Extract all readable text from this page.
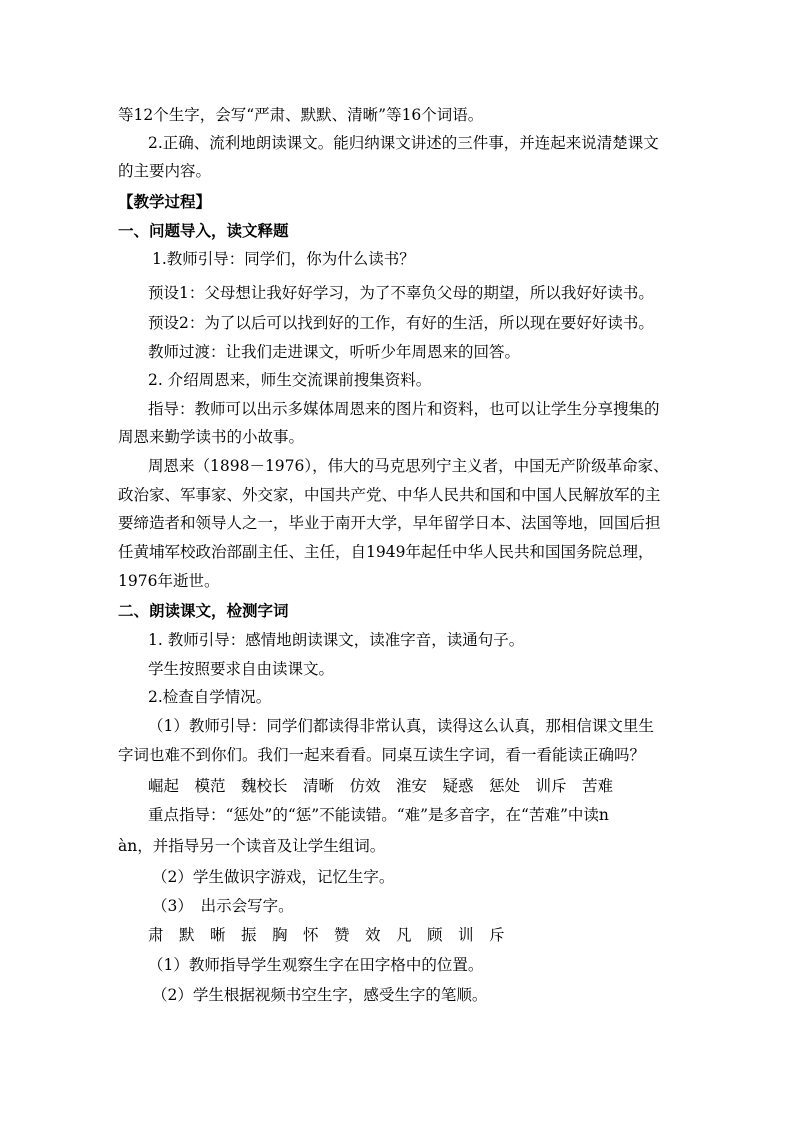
等12个生字，会写“严肃、默默、清晰”等16个词语。
2.正确、流利地朗读课文。能归纳课文讲述的三件事，并连起来说清楚课文
的主要内容。
【教学过程】
一、问题导入，读文释题
1.教师引导：同学们，你为什么读书？
预设1：父母想让我好好学习，为了不辜负父母的期望，所以我好好读书。
预设2：为了以后可以找到好的工作，有好的生活，所以现在要好好读书。
教师过渡：让我们走进课文，听听少年周恩来的回答。
2. 介绍周恩来，师生交流课前搜集资料。
指导：教师可以出示多媒体周恩来的图片和资料，也可以让学生分享搜集的
周恩来勤学读书的小故事。
周恩来（1898－1976），伟大的马克思列宁主义者，中国无产阶级革命家、
政治家、军事家、外交家，中国共产党、中华人民共和国和中国人民解放军的主
要缔造者和领导人之一，毕业于南开大学，早年留学日本、法国等地，回国后担
任黄埔军校政治部副主任、主任，自1949年起任中华人民共和国国务院总理，
1976年逝世。
二、朗读课文，检测字词
1. 教师引导：感情地朗读课文，读准字音，读通句子。
学生按照要求自由读课文。
2.检查自学情况。
（1）教师引导：同学们都读得非常认真，读得这么认真，那相信课文里生
字词也难不到你们。我们一起来看看。同桌互读生字词，看一看能读正确吗？
崛起　模范　魏校长　清晰　仿效　淮安　疑惑　惩处　训斥　苦难
重点指导：“惩处”的“惩”不能读错。“难”是多音字，在“苦难”中读n
àn，并指导另一个读音及让学生组词。
（2）学生做识字游戏，记忆生字。
（3）　出示会写字。
肃　默　晰　振　胸　怀　赞　效　凡　顾　训　斥
（1）教师指导学生观察生字在田字格中的位置。
（2）学生根据视频书空生字，感受生字的笔顺。
